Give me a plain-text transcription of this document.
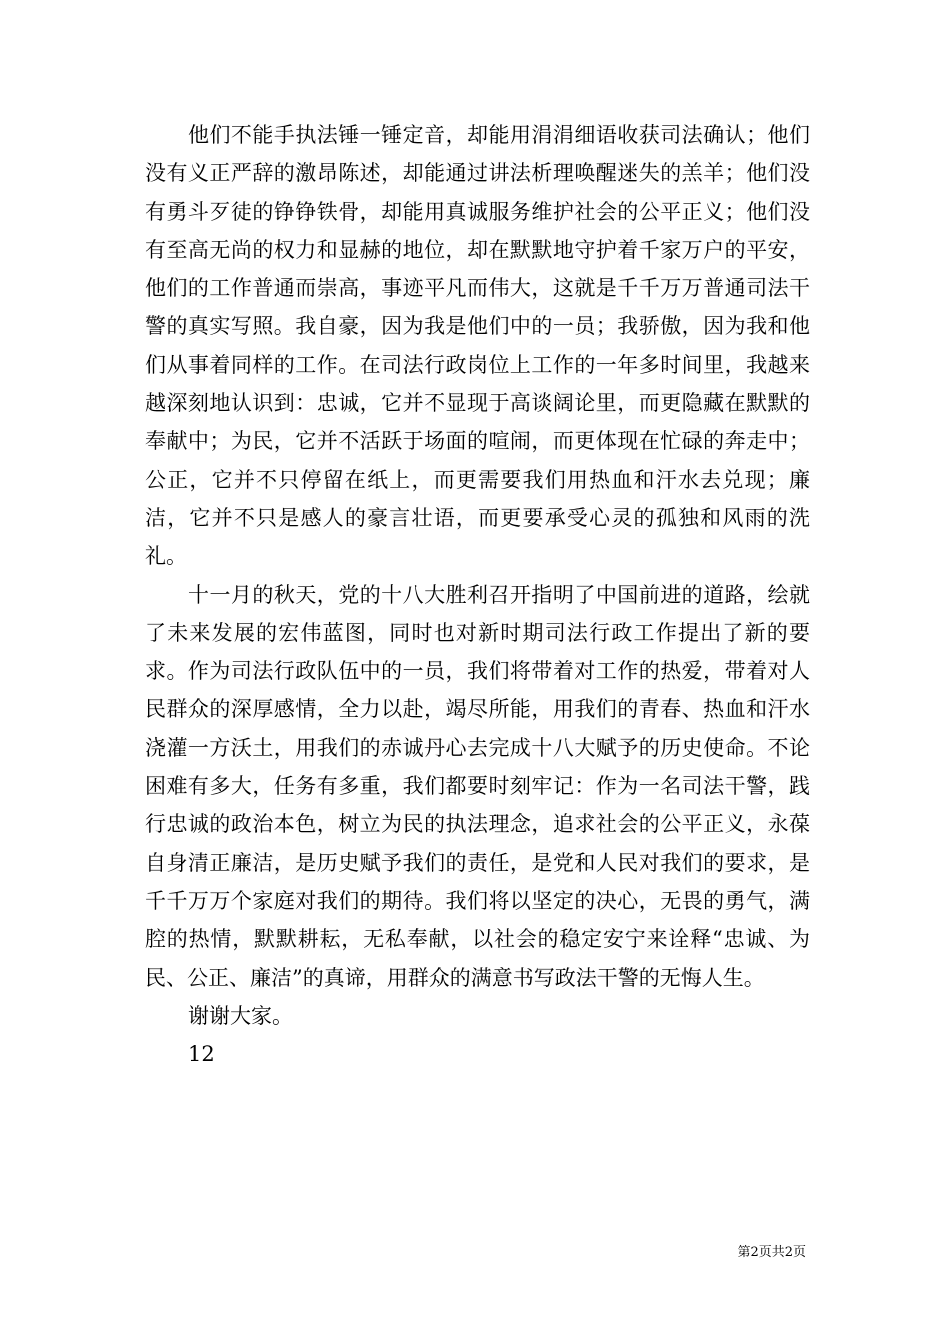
他们不能手执法锤一锤定音，却能用涓涓细语收获司法确认；他们没有义正严辞的激昂陈述，却能通过讲法析理唤醒迷失的羔羊；他们没有勇斗歹徒的铮铮铁骨，却能用真诚服务维护社会的公平正义；他们没有至高无尚的权力和显赫的地位，却在默默地守护着千家万户的平安，他们的工作普通而崇高，事迹平凡而伟大，这就是千千万万普通司法干警的真实写照。我自豪，因为我是他们中的一员；我骄傲，因为我和他们从事着同样的工作。在司法行政岗位上工作的一年多时间里，我越来越深刻地认识到：忠诚，它并不显现于高谈阔论里，而更隐藏在默默的奉献中；为民，它并不活跃于场面的喧闹，而更体现在忙碌的奔走中；公正，它并不只停留在纸上，而更需要我们用热血和汗水去兑现；廉洁，它并不只是感人的豪言壮语，而更要承受心灵的孤独和风雨的洗礼。

十一月的秋天，党的十八大胜利召开指明了中国前进的道路，绘就了未来发展的宏伟蓝图，同时也对新时期司法行政工作提出了新的要求。作为司法行政队伍中的一员，我们将带着对工作的热爱，带着对人民群众的深厚感情，全力以赴，竭尽所能，用我们的青春、热血和汗水浇灌一方沃土，用我们的赤诚丹心去完成十八大赋予的历史使命。不论困难有多大，任务有多重，我们都要时刻牢记：作为一名司法干警，践行忠诚的政治本色，树立为民的执法理念，追求社会的公平正义，永葆自身清正廉洁，是历史赋予我们的责任，是党和人民对我们的要求，是千千万万个家庭对我们的期待。我们将以坚定的决心，无畏的勇气，满腔的热情，默默耕耘，无私奉献，以社会的稳定安宁来诠释“忠诚、为民、公正、廉洁”的真谛，用群众的满意书写政法干警的无悔人生。

谢谢大家。

12

第2页共2页
